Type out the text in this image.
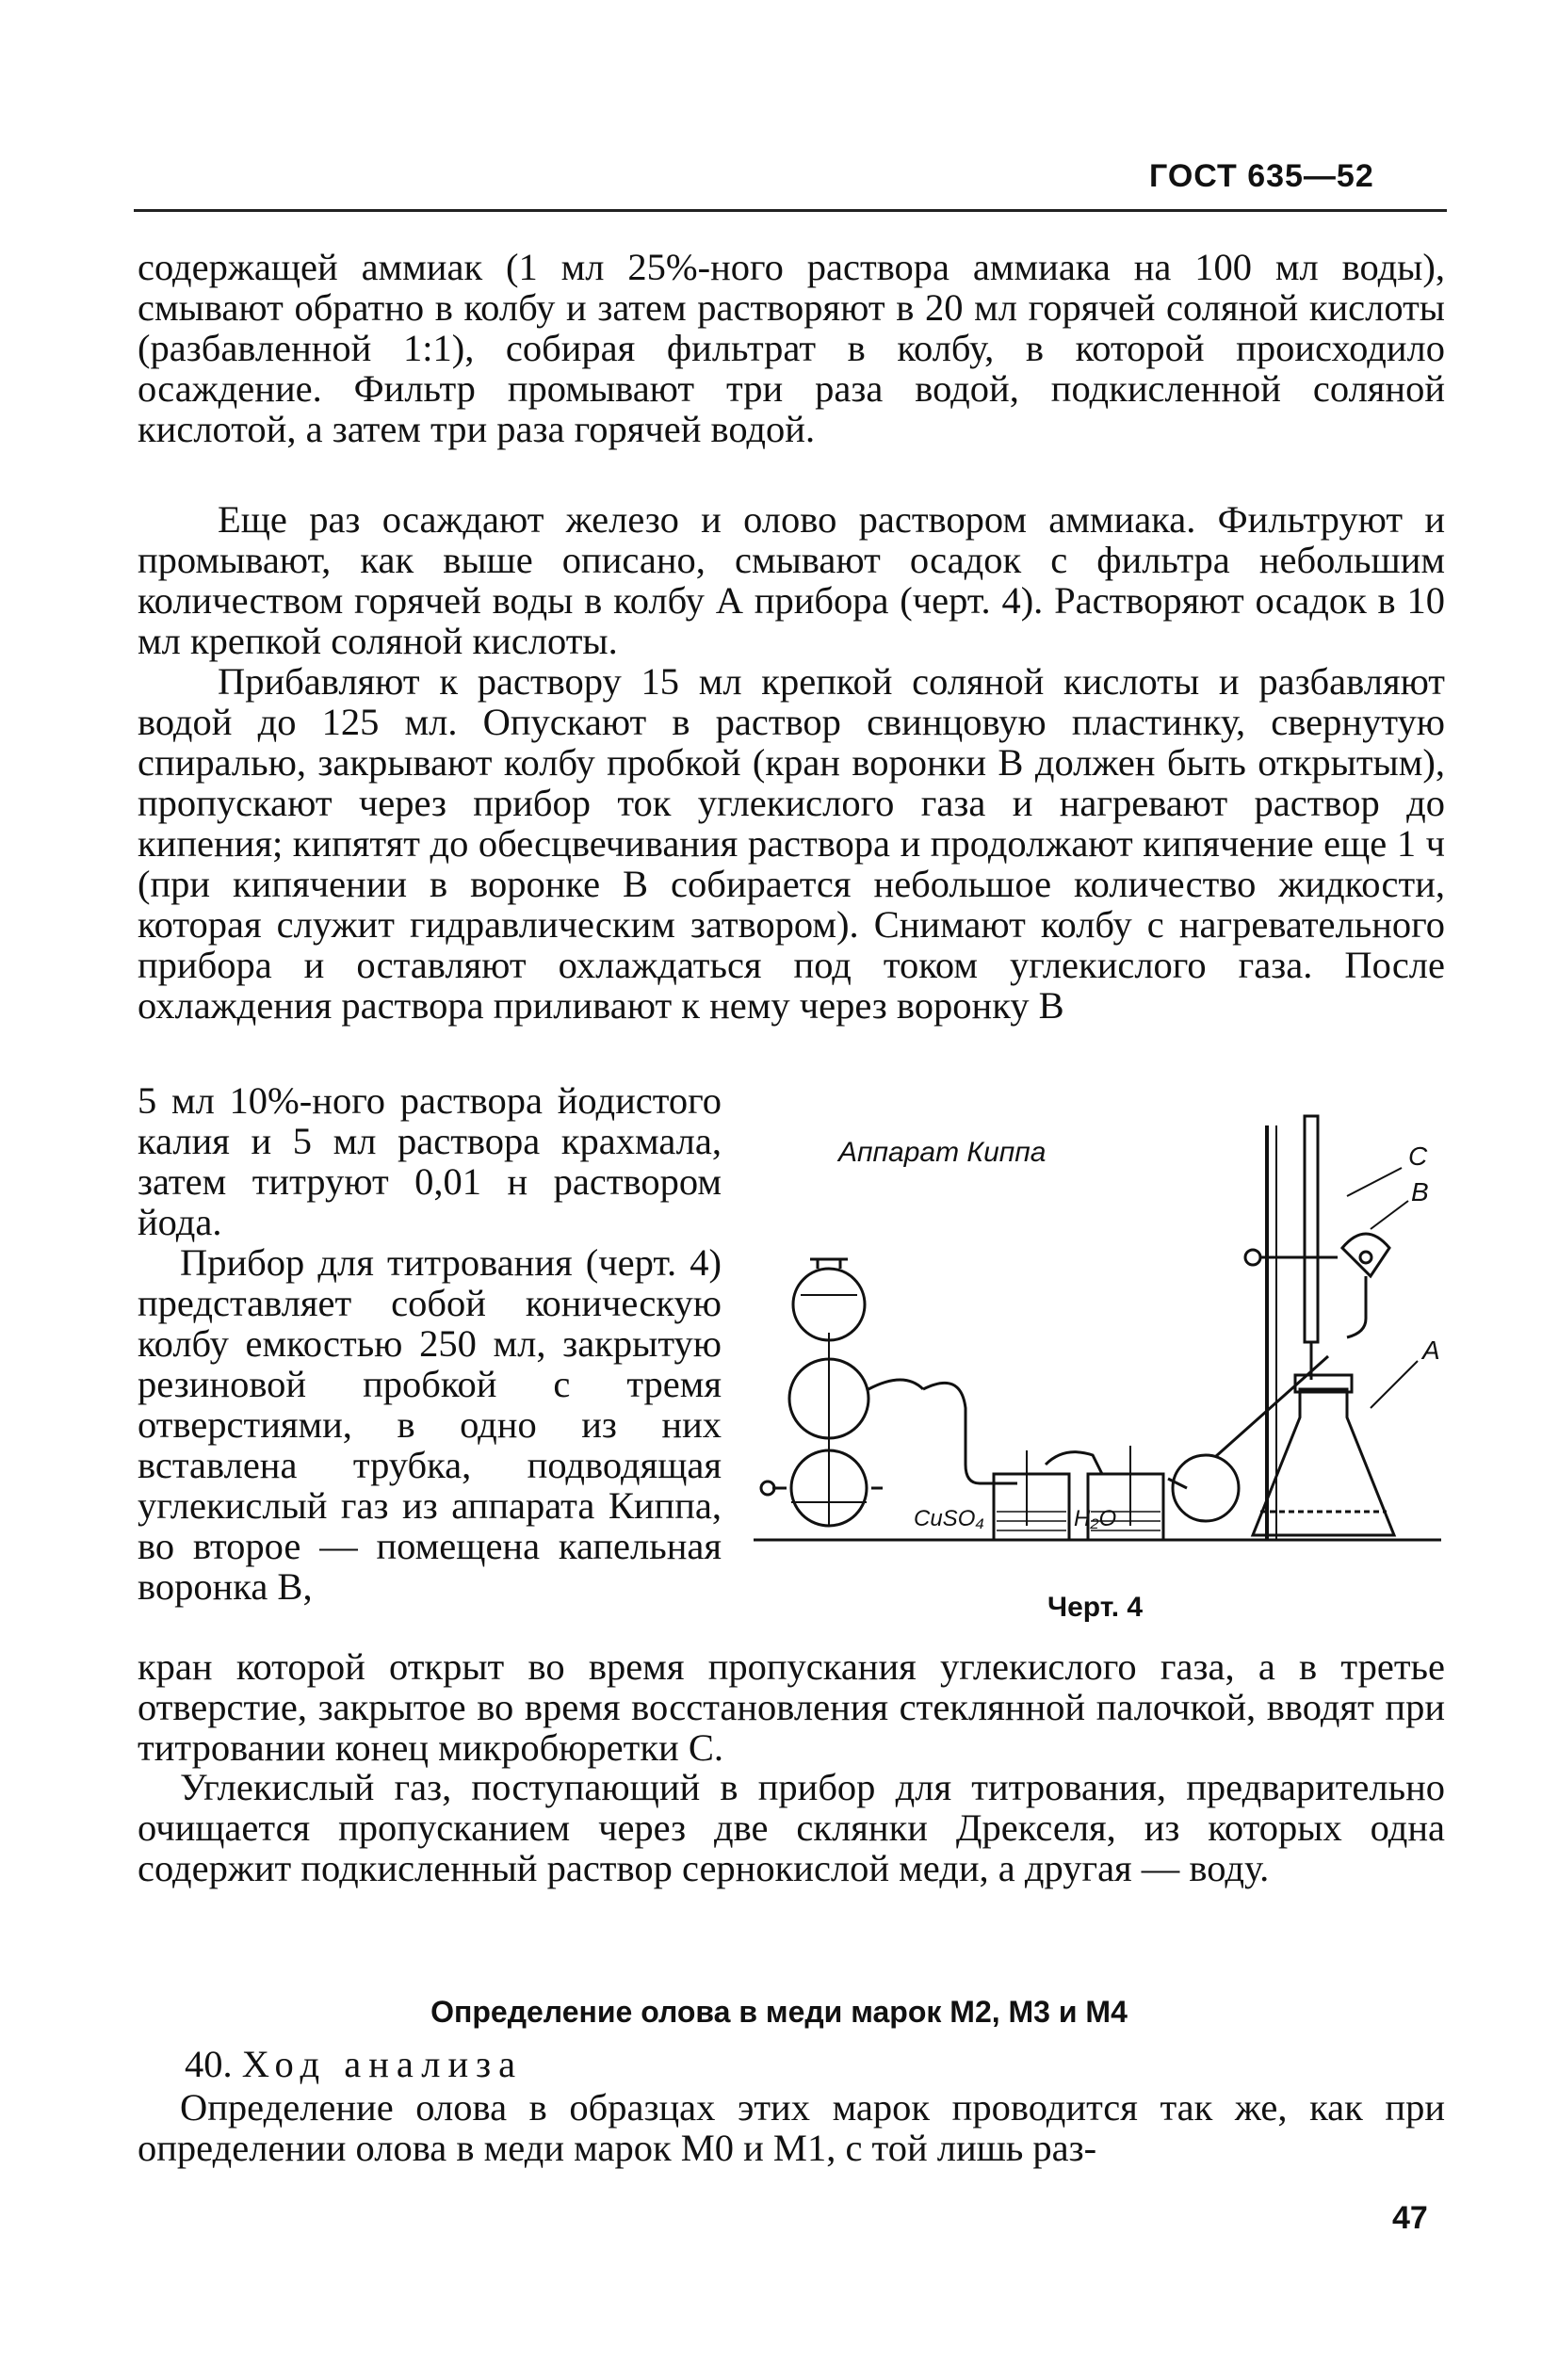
ГОСТ 635—52

содержащей аммиак (1 мл 25%-ного раствора аммиака на 100 мл воды), смывают обратно в колбу и затем растворяют в 20 мл горячей соляной кислоты (разбавленной 1:1), собирая фильтрат в колбу, в которой происходило осаждение. Фильтр промывают три раза водой, подкисленной соляной кислотой, а затем три раза горячей водой.

Еще раз осаждают железо и олово раствором аммиака. Фильтруют и промывают, как выше описано, смывают осадок с фильтра небольшим количеством горячей воды в колбу А прибора (черт. 4). Растворяют осадок в 10 мл крепкой соляной кислоты.

Прибавляют к раствору 15 мл крепкой соляной кислоты и разбавляют водой до 125 мл. Опускают в раствор свинцовую пластинку, свернутую спиралью, закрывают колбу пробкой (кран воронки В должен быть открытым), пропускают через прибор ток углекислого газа и нагревают раствор до кипения; кипятят до обесцвечивания раствора и продолжают кипячение еще 1 ч (при кипячении в воронке В собирается небольшое количество жидкости, которая служит гидравлическим затвором). Снимают колбу с нагревательного прибора и оставляют охлаждаться под током углекислого газа. После охлаждения раствора приливают к нему через воронку В

5 мл 10%-ного раствора йодистого калия и 5 мл раствора крахмала, затем титруют 0,01 н раствором йода.

Прибор для титрования (черт. 4) представляет собой коническую колбу емкостью 250 мл, закрытую резиновой пробкой с тремя отверстиями, в одно из них вставлена трубка, подводящая углекислый газ из аппарата Киппа, во второе — помещена капельная воронка В,

Аппарат Киппа	С
В
А
CuSO₄	H₂O
Черт. 4

кран которой открыт во время пропускания углекислого газа, а в третье отверстие, закрытое во время восстановления стеклянной палочкой, вводят при титровании конец микробюретки С.

Углекислый газ, поступающий в прибор для титрования, предварительно очищается пропусканием через две склянки Дрекселя, из которых одна содержит подкисленный раствор сернокислой меди, а другая — воду.

Определение олова в меди марок М2, М3 и М4
40. Ход анализа

Определение олова в образцах этих марок проводится так же, как при определении олова в меди марок М0 и М1, с той лишь раз-

47
